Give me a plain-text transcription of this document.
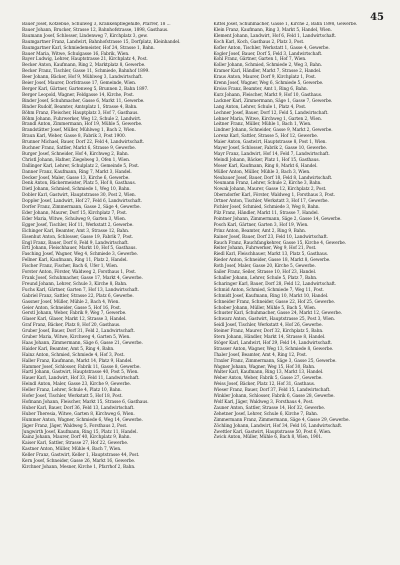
45
Bauer Josef, Kotzebue, Schulweg 3, Krankenpflegehilfe, Pfarrer, 18 ...
Bauer Johann, Brucker, Strasse 12, Bahnhofstrasse, 1898, Gasthaus.
Baumann Josef, Schlosser, Lindenweg 7, Kirchplatz 3, gew.
Baumgartner Franz, Landwirt, Bahnhofstrasse 15, Dorfplatz, Kleinhandel.
Baumgartner Karl, Schmiedemeister, Hof 24, Strasse 1, Bahn.
Bauer Maria, Witwe, Schulgasse 16, Fabrik, Wien.
Bayer Ludwig, Lehrer, Hauptstrasse 21, Kirchplatz 4, Post.
Becker Anton, Kaufmann, Ring 2, Marktplatz 8, Gewerbe.
Becker Franz, Tischler, Gasse 11, Schmiede, Bahnhof 1899.
Beer Johann, Bäcker, Hof 9, Mühlweg 3, Landwirtschaft.
Beier Josef, Maurer, Dorfstrasse 17, Gemeinde, Wien.
Berger Karl, Gärtner, Gartenweg 5, Brunnen 2, Bahn 1897.
Berger Leopold, Wagner, Feldgasse 14, Kirche, Post.
Binder Josef, Schuhmacher, Gasse 6, Markt 11, Gewerbe.
Binder Rudolf, Beamter, Amtsplatz 1, Strasse 4, Bahn.
Böhm Franz, Fleischer, Hauptplatz 3, Hof 7, Gasthaus.
Böhm Johann, Fuhrwerker, Weg 12, Schule 2, Landwirt.
Brandl Anton, Zimmermann, Hof 19, Mühle 5, Gewerbe.
Brandstätter Josef, Müller, Mühlweg 1, Bach 2, Wien.
Braun Karl, Weber, Gasse 8, Fabrik 3, Post 1900.
Brunner Michael, Bauer, Dorf 22, Feld 4, Landwirtschaft.
Buchner Franz, Sattler, Markt 6, Strasse 9, Gewerbe.
Burger Josef, Schneider, Hof 4, Kirchweg 2, Bahn.
Christl Johann, Hafner, Ziegelweg 3, Ofen 1, Wien.
Dallinger Karl, Lehrer, Schulplatz 2, Gemeinde 5, Post.
Danner Franz, Kaufmann, Ring 7, Markt 3, Handel.
Decker Josef, Maler, Gasse 13, Kirche 6, Gewerbe.
Denk Anton, Bäckermeister, Platz 5, Hof 8, Gasthaus.
Dietl Johann, Schmied, Schmiede 1, Weg 10, Bahn.
Dobler Karl, Gastwirt, Hauptstrasse 30, Post 2, Wien.
Doppler Josef, Landwirt, Hof 27, Feld 6, Landwirtschaft.
Dorfer Franz, Zimmermann, Gasse 2, Säge 4, Gewerbe.
Eder Johann, Maurer, Dorf 15, Kirchplatz 7, Post.
Eder Maria, Witwe, Schulweg 9, Garten 3, Wien.
Egger Josef, Tischler, Hof 11, Werkstatt 2, Gewerbe.
Eichinger Karl, Beamter, Amt 3, Strasse 12, Bahn.
Eisenhut Anton, Schlosser, Gasse 19, Fabrik 7, Post.
Engl Franz, Bauer, Dorf 8, Feld 9, Landwirtschaft.
Ertl Johann, Fleischhauer, Markt 10, Hof 5, Gasthaus.
Fasching Josef, Wagner, Weg 4, Schmiede 3, Gewerbe.
Fellner Karl, Kaufmann, Ring 11, Platz 2, Handel.
Fischer Franz, Fischer, Bach 6, Ufer 1, Wien.
Forster Anton, Förster, Waldweg 2, Forsthaus 1, Post.
Frank Josef, Schuhmacher, Gasse 17, Markt 4, Gewerbe.
Freund Johann, Lehrer, Schule 3, Kirche 8, Bahn.
Fuchs Karl, Gärtner, Garten 7, Hof 13, Landwirtschaft.
Gabriel Franz, Sattler, Strasse 22, Platz 6, Gewerbe.
Gassner Josef, Müller, Mühle 2, Bach 4, Wien.
Geier Anton, Schneider, Gasse 5, Hof 16, Post.
Gerstl Johann, Weber, Fabrik 9, Weg 7, Gewerbe.
Glaser Karl, Glaser, Markt 12, Strasse 3, Handel.
Graf Franz, Bäcker, Platz 8, Hof 20, Gasthaus.
Gruber Josef, Bauer, Dorf 31, Feld 2, Landwirtschaft.
Gruber Maria, Witwe, Kirchweg 4, Garten 5, Wien.
Haas Johann, Zimmermann, Säge 6, Gasse 21, Gewerbe.
Haider Karl, Beamter, Amt 5, Ring 4, Bahn.
Hainz Anton, Schmied, Schmiede 4, Hof 3, Post.
Haller Franz, Kaufmann, Markt 14, Platz 9, Handel.
Hammer Josef, Schlosser, Fabrik 11, Gasse 8, Gewerbe.
Hartl Johann, Gastwirt, Hauptstrasse 40, Post 5, Wien.
Hauer Karl, Landwirt, Hof 33, Feld 11, Landwirtschaft.
Heindl Anton, Maler, Gasse 23, Kirche 9, Gewerbe.
Heller Franz, Lehrer, Schule 4, Platz 10, Bahn.
Hofer Josef, Tischler, Werkstatt 5, Hof 18, Post.
Hofmann Johann, Fleischer, Markt 15, Strasse 6, Gasthaus.
Huber Karl, Bauer, Dorf 36, Feld 13, Landwirtschaft.
Huber Theresia, Witwe, Garten 8, Kirchweg 6, Wien.
Hummer Anton, Wagner, Schmiede 6, Weg 14, Gewerbe.
Jäger Franz, Jäger, Waldweg 5, Forsthaus 2, Post.
Jungwirth Josef, Kaufmann, Ring 15, Platz 11, Handel.
Kainz Johann, Maurer, Dorf 40, Kirchplatz 9, Bahn.
Kaiser Karl, Sattler, Strasse 27, Hof 22, Gewerbe.
Kastner Anton, Müller, Mühle 4, Bach 7, Wien.
Keller Franz, Gastwirt, Keller 1, Hauptstrasse 44, Post.
Kern Josef, Schneider, Gasse 26, Markt 16, Gewerbe.
Kirchner Johann, Mesner, Kirche 1, Pfarrhof 2, Bahn.
Kittel Josef, Schuhmacher, Gasse 1, Kirche 2, Bahn 1898, Gewerbe.
Klein Franz, Kaufmann, Ring 3, Markt 5, Handel, Wien.
Klement Johann, Landwirt, Hof 6, Feld 1, Landwirtschaft.
Koch Karl, Koch, Gasthaus 2, Platz 3, Post.
Kofler Anton, Tischler, Werkstatt 1, Gasse 4, Gewerbe.
Kogler Josef, Bauer, Dorf 5, Feld 3, Landwirtschaft.
Kohl Franz, Gärtner, Garten 1, Hof 7, Wien.
Koller Johann, Schmied, Schmiede 2, Weg 3, Bahn.
Kramer Karl, Händler, Markt 7, Strasse 2, Handel.
Kraus Anton, Maurer, Dorf 9, Kirchplatz 1, Post.
Krenn Josef, Wagner, Weg 6, Schmiede 5, Gewerbe.
Kroiss Franz, Beamter, Amt 1, Ring 6, Bahn.
Kurz Johann, Fleischer, Markt 9, Hof 10, Gasthaus.
Lackner Karl, Zimmermann, Säge 1, Gasse 7, Gewerbe.
Lang Anton, Lehrer, Schule 1, Platz 4, Post.
Lechner Josef, Bauer, Dorf 12, Feld 5, Landwirtschaft.
Lehner Maria, Witwe, Kirchweg 1, Garten 2, Wien.
Leitner Franz, Müller, Mühle 1, Bach 1, Wien.
Lindner Johann, Schneider, Gasse 9, Markt 2, Gewerbe.
Lorenz Karl, Sattler, Strasse 5, Hof 12, Gewerbe.
Maier Anton, Gastwirt, Hauptstrasse 8, Post 1, Wien.
Mayer Josef, Schlosser, Fabrik 2, Gasse 10, Gewerbe.
Mayr Franz, Landwirt, Hof 14, Feld 7, Landwirtschaft.
Meindl Johann, Bäcker, Platz 1, Hof 15, Gasthaus.
Moser Karl, Kaufmann, Ring 8, Markt 6, Handel.
Müller Anton, Müller, Mühle 3, Bach 3, Wien.
Neubauer Josef, Bauer, Dorf 18, Feld 8, Landwirtschaft.
Neumann Franz, Lehrer, Schule 2, Kirche 3, Bahn.
Nowak Johann, Maurer, Gasse 12, Kirchplatz 2, Post.
Oberndorfer Karl, Förster, Waldweg 1, Forsthaus 3, Post.
Ortner Anton, Tischler, Werkstatt 3, Hof 17, Gewerbe.
Pichler Josef, Schmied, Schmiede 3, Weg 8, Bahn.
Pilz Franz, Händler, Markt 11, Strasse 7, Handel.
Pointner Johann, Zimmermann, Säge 2, Gasse 14, Gewerbe.
Posch Karl, Gärtner, Garten 3, Hof 19, Wien.
Prinz Anton, Beamter, Amt 2, Ring 9, Bahn.
Rainer Josef, Bauer, Dorf 23, Feld 10, Landwirtschaft.
Rauch Franz, Rauchfangkehrer, Gasse 15, Kirche 4, Gewerbe.
Reiter Johann, Fuhrwerker, Weg 9, Hof 21, Post.
Riedl Karl, Fleischhauer, Markt 13, Platz 5, Gasthaus.
Rieder Anton, Schneider, Gasse 18, Markt 8, Gewerbe.
Roth Josef, Maler, Gasse 20, Kirche 5, Gewerbe.
Sailer Franz, Seiler, Strasse 10, Hof 23, Handel.
Schaller Johann, Lehrer, Schule 5, Platz 7, Bahn.
Scharinger Karl, Bauer, Dorf 28, Feld 12, Landwirtschaft.
Schmid Anton, Schmied, Schmiede 7, Weg 11, Post.
Schmidt Josef, Kaufmann, Ring 10, Markt 10, Handel.
Schneider Franz, Schneider, Gasse 22, Hof 25, Gewerbe.
Schober Johann, Müller, Mühle 5, Bach 5, Wien.
Schuster Karl, Schuhmacher, Gasse 24, Markt 12, Gewerbe.
Schwarz Anton, Gastwirt, Hauptstrasse 25, Post 3, Wien.
Seidl Josef, Tischler, Werkstatt 4, Hof 26, Gewerbe.
Steiner Franz, Maurer, Dorf 32, Kirchplatz 5, Bahn.
Stern Johann, Händler, Markt 14, Strasse 8, Handel.
Stöger Karl, Landwirt, Hof 29, Feld 14, Landwirtschaft.
Strasser Anton, Wagner, Weg 13, Schmiede 8, Gewerbe.
Thaler Josef, Beamter, Amt 4, Ring 12, Post.
Traxler Franz, Zimmermann, Säge 3, Gasse 25, Gewerbe.
Wagner Johann, Wagner, Weg 15, Hof 30, Bahn.
Walter Karl, Kaufmann, Ring 13, Markt 13, Handel.
Weber Anton, Weber, Fabrik 5, Gasse 27, Gewerbe.
Weiss Josef, Bäcker, Platz 12, Hof 31, Gasthaus.
Wieser Franz, Bauer, Dorf 37, Feld 15, Landwirtschaft.
Winkler Johann, Schlosser, Fabrik 6, Gasse 28, Gewerbe.
Wolf Karl, Jäger, Waldweg 3, Forsthaus 4, Post.
Zauner Anton, Sattler, Strasse 14, Hof 32, Gewerbe.
Zehetner Josef, Lehrer, Schule 6, Kirche 7, Bahn.
Zimmermann Franz, Zimmermann, Säge 4, Gasse 29, Gewerbe.
Zöchling Johann, Landwirt, Hof 34, Feld 16, Landwirtschaft.
Zwettler Karl, Gastwirt, Hauptstrasse 50, Post 6, Wien.
Zwick Anton, Müller, Mühle 6, Bach 8, Wien, 1901.
